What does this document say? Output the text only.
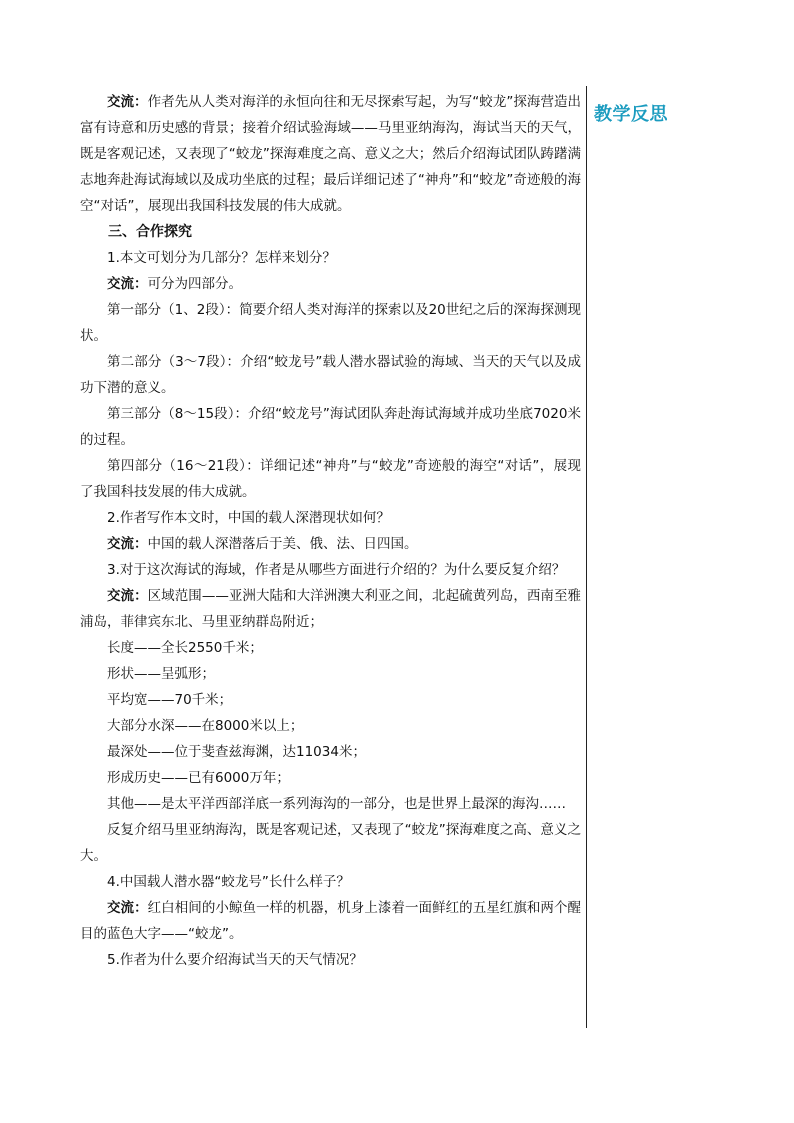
教学反思

交流：作者先从人类对海洋的永恒向往和无尽探索写起，为写“蛟龙”探海营造出富有诗意和历史感的背景；接着介绍试验海域——马里亚纳海沟，海试当天的天气，既是客观记述，又表现了“蛟龙”探海难度之高、意义之大；然后介绍海试团队踌躇满志地奔赴海试海域以及成功坐底的过程；最后详细记述了“神舟”和“蛟龙”奇迹般的海空“对话”，展现出我国科技发展的伟大成就。

三、合作探究

1.本文可划分为几部分？怎样来划分？

交流：可分为四部分。

第一部分（1、2段）：简要介绍人类对海洋的探索以及20世纪之后的深海探测现状。

第二部分（3～7段）：介绍“蛟龙号”载人潜水器试验的海域、当天的天气以及成功下潜的意义。

第三部分（8～15段）：介绍“蛟龙号”海试团队奔赴海试海域并成功坐底7020米的过程。

第四部分（16～21段）：详细记述“神舟”与“蛟龙”奇迹般的海空“对话”，展现了我国科技发展的伟大成就。

2.作者写作本文时，中国的载人深潜现状如何？

交流：中国的载人深潜落后于美、俄、法、日四国。

3.对于这次海试的海域，作者是从哪些方面进行介绍的？为什么要反复介绍？

交流：区域范围——亚洲大陆和大洋洲澳大利亚之间，北起硫黄列岛，西南至雅浦岛，菲律宾东北、马里亚纳群岛附近；

长度——全长2550千米；

形状——呈弧形；

平均宽——70千米；

大部分水深——在8000米以上；

最深处——位于斐查兹海渊，达11034米；

形成历史——已有6000万年；

其他——是太平洋西部洋底一系列海沟的一部分，也是世界上最深的海沟……

反复介绍马里亚纳海沟，既是客观记述，又表现了“蛟龙”探海难度之高、意义之大。

4.中国载人潜水器“蛟龙号”长什么样子？

交流：红白相间的小鲸鱼一样的机器，机身上漆着一面鲜红的五星红旗和两个醒目的蓝色大字——“蛟龙”。

5.作者为什么要介绍海试当天的天气情况？
